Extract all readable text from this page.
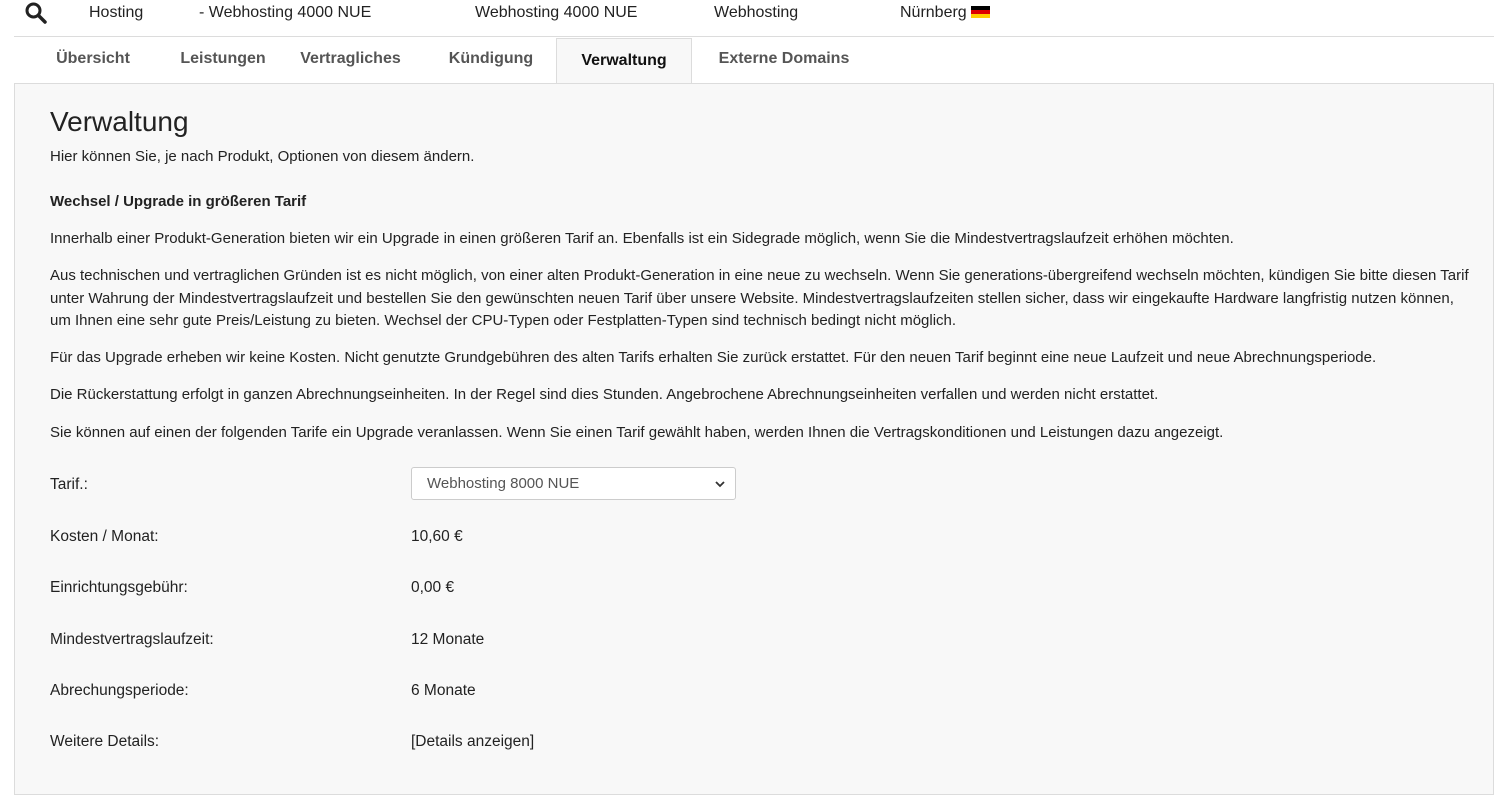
Hosting	- Webhosting 4000 NUE	Webhosting 4000 NUE	Webhosting	Nürnberg
Übersicht	Leistungen	Vertragliches	Kündigung	Verwaltung	Externe Domains
Verwaltung

Hier können Sie, je nach Produkt, Optionen von diesem ändern.

Wechsel / Upgrade in größeren Tarif

Innerhalb einer Produkt-Generation bieten wir ein Upgrade in einen größeren Tarif an. Ebenfalls ist ein Sidegrade möglich, wenn Sie die Mindestvertragslaufzeit erhöhen möchten.

Aus technischen und vertraglichen Gründen ist es nicht möglich, von einer alten Produkt-Generation in eine neue zu wechseln. Wenn Sie generations-übergreifend wechseln möchten, kündigen Sie bitte diesen Tarif unter Wahrung der Mindestvertragslaufzeit und bestellen Sie den gewünschten neuen Tarif über unsere Website. Mindestvertragslaufzeiten stellen sicher, dass wir eingekaufte Hardware langfristig nutzen können, um Ihnen eine sehr gute Preis/Leistung zu bieten. Wechsel der CPU-Typen oder Festplatten-Typen sind technisch bedingt nicht möglich.

Für das Upgrade erheben wir keine Kosten. Nicht genutzte Grundgebühren des alten Tarifs erhalten Sie zurück erstattet. Für den neuen Tarif beginnt eine neue Laufzeit und neue Abrechnungsperiode.

Die Rückerstattung erfolgt in ganzen Abrechnungseinheiten. In der Regel sind dies Stunden. Angebrochene Abrechnungseinheiten verfallen und werden nicht erstattet.

Sie können auf einen der folgenden Tarife ein Upgrade veranlassen. Wenn Sie einen Tarif gewählt haben, werden Ihnen die Vertragskonditionen und Leistungen dazu angezeigt.

Tarif.:	Webhosting 8000 NUE
Kosten / Monat:	10,60 €
Einrichtungsgebühr:	0,00 €
Mindestvertragslaufzeit:	12 Monate
Abrechungsperiode:	6 Monate
Weitere Details:	[Details anzeigen]
